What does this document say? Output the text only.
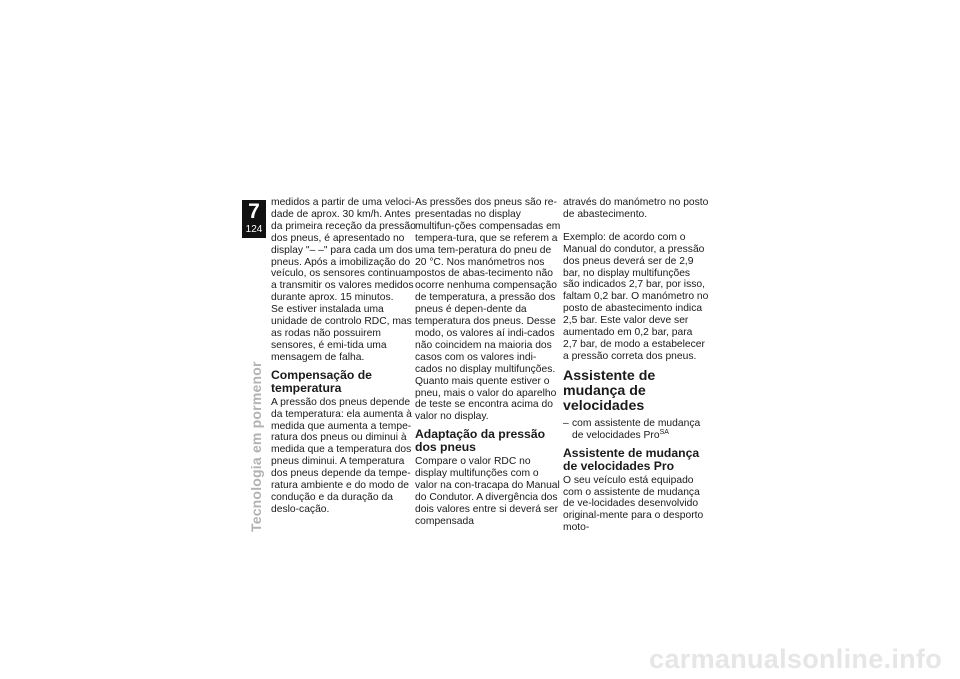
7
124
Tecnologia em pormenor

medidos a partir de uma veloci-dade de aprox. 30 km/h. Antes da primeira receção da pressão dos pneus, é apresentado no display "– –" para cada um dos pneus. Após a imobilização do veículo, os sensores continuam a transmitir os valores medidos durante aprox. 15 minutos.

Se estiver instalada uma unidade de controlo RDC, mas as rodas não possuirem sensores, é emi-tida uma mensagem de falha.

Compensação de temperatura

A pressão dos pneus depende da temperatura: ela aumenta à medida que aumenta a tempe-ratura dos pneus ou diminui à medida que a temperatura dos pneus diminui. A temperatura dos pneus depende da tempe-ratura ambiente e do modo de condução e da duração da deslo-cação.

As pressões dos pneus são re-presentadas no display multifun-ções compensadas em tempera-tura, que se referem a uma tem-peratura do pneu de 20 °C. Nos manómetros nos postos de abas-tecimento não ocorre nenhuma compensação de temperatura, a pressão dos pneus é depen-dente da temperatura dos pneus. Desse modo, os valores aí indi-cados não coincidem na maioria dos casos com os valores indi-cados no display multifunções. Quanto mais quente estiver o pneu, mais o valor do aparelho de teste se encontra acima do valor no display.

Adaptação da pressão dos pneus

Compare o valor RDC no display multifunções com o valor na con-tracapa do Manual do Condutor. A divergência dos dois valores entre si deverá ser compensada

através do manómetro no posto de abastecimento.

Exemplo: de acordo com o Manual do condutor, a pressão dos pneus deverá ser de 2,9 bar, no display multifunções são indicados 2,7 bar, por isso, faltam 0,2 bar. O manómetro no posto de abastecimento indica 2,5 bar. Este valor deve ser aumentado em 0,2 bar, para 2,7 bar, de modo a estabelecer a pressão correta dos pneus.

Assistente de mudança de velocidades
– com assistente de mudança de velocidades Pro$^{SA}$
Assistente de mudança de velocidades Pro

O seu veículo está equipado com o assistente de mudança de ve-locidades desenvolvido original-mente para o desporto moto-

carmanualsonline.info
